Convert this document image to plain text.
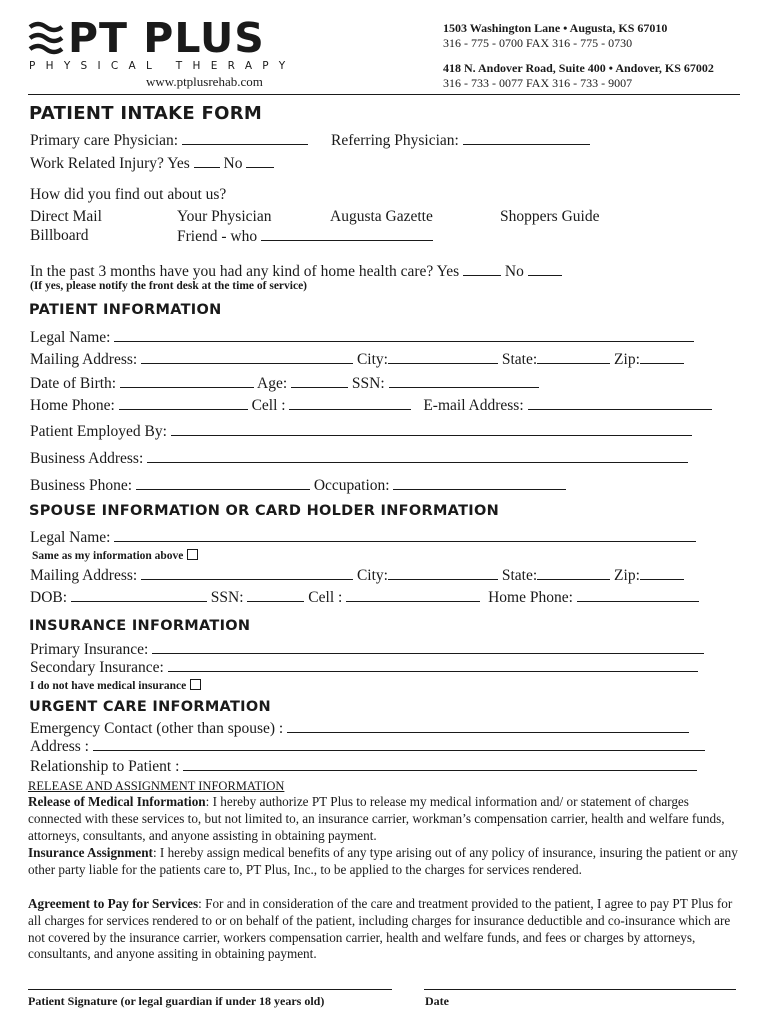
PT PLUS
PHYSICAL THERAPY
www.ptplusrehab.com
1503 Washington Lane • Augusta, KS 67010
316 - 775 - 0700 FAX 316 - 775 - 0730
418 N. Andover Road, Suite 400 • Andover, KS 67002
316 - 733 - 0077 FAX 316 - 733 - 9007
PATIENT INTAKE FORM
Primary care Physician:	Referring Physician:
Work Related Injury? Yes No
How did you find out about us?
Direct Mail	Your Physician	Augusta Gazette	Shoppers Guide
Billboard	Friend - who
In the past 3 months have you had any kind of home health care? Yes	No
(If yes, please notify the front desk at the time of service)
PATIENT INFORMATION
Legal Name:
Mailing Address:	City:	State:	Zip:
Date of Birth:	Age:	SSN:
Home Phone:	Cell :	E-mail Address:
Patient Employed By:
Business Address:
Business Phone:	Occupation:
SPOUSE INFORMATION OR CARD HOLDER INFORMATION
Legal Name:
Same as my information above
Mailing Address:	City:	State:	Zip:
DOB:	SSN:	Cell :	Home Phone:
INSURANCE INFORMATION
Primary Insurance:
Secondary Insurance:
I do not have medical insurance
URGENT CARE INFORMATION
Emergency Contact (other than spouse) :
Address :
Relationship to Patient :
RELEASE AND ASSIGNMENT INFORMATION
Release of Medical Information: I hereby authorize PT Plus to release my medical information and/ or statement of charges connected with these services to, but not limited to, an insurance carrier, workman’s compensation carrier, health and welfare funds, attorneys, consultants, and anyone assisting in obtaining payment.
Insurance Assignment: I hereby assign medical benefits of any type arising out of any policy of insurance, insuring the patient or any other party liable for the patients care to, PT Plus, Inc., to be applied to the charges for services rendered.
Agreement to Pay for Services: For and in consideration of the care and treatment provided to the patient, I agree to pay PT Plus for all charges for services rendered to or on behalf of the patient, including charges for insurance deductible and co-insurance which are not covered by the insurance carrier, workers compensation carrier, health and welfare funds, and fees or charges by attorneys, consultants, and anyone assiting in obtaining payment.
Patient Signature (or legal guardian if under 18 years old)	Date
